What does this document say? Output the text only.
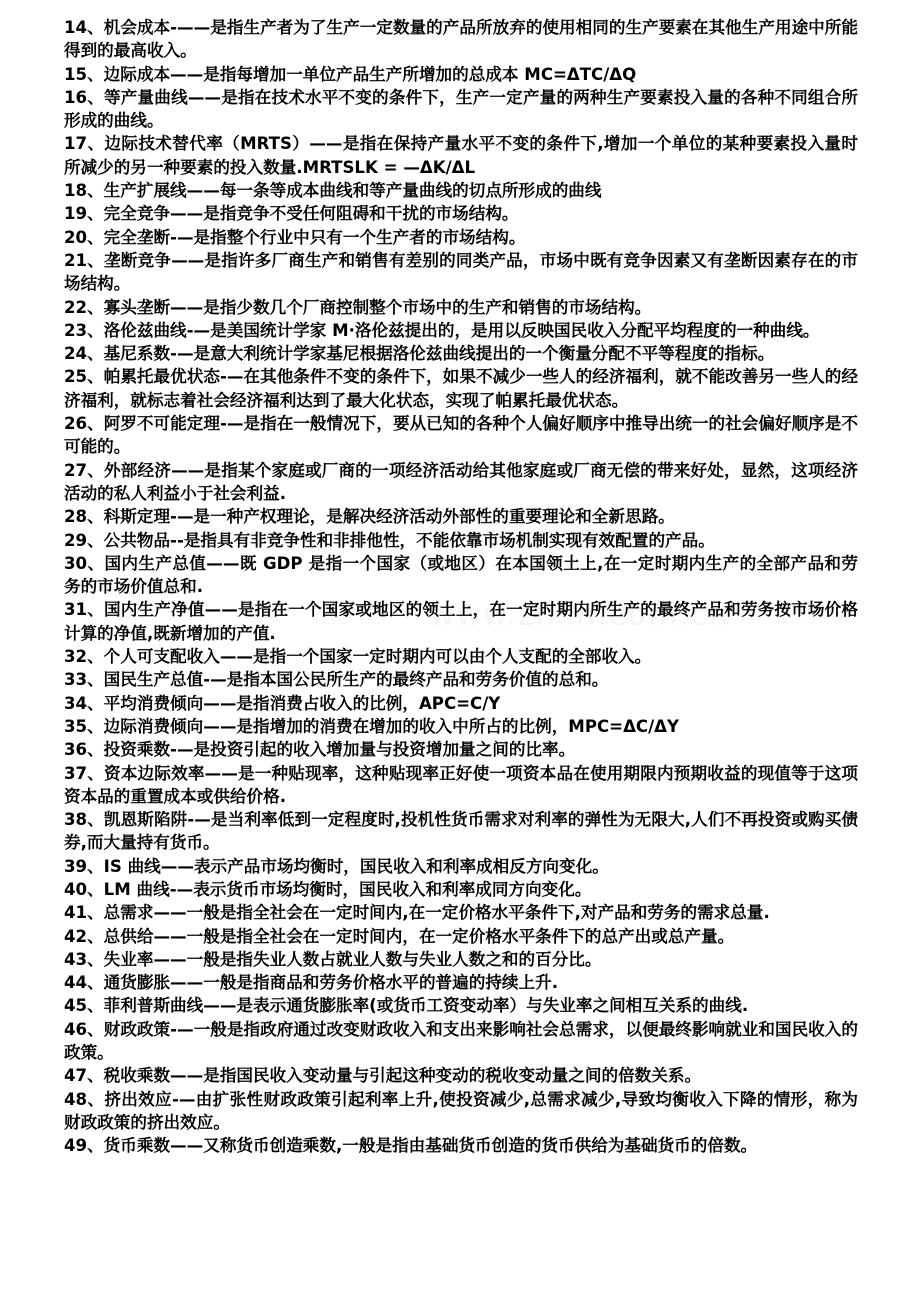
14、机会成本-——是指生产者为了生产一定数量的产品所放弃的使用相同的生产要素在其他生产用途中所能得到的最高收入。

15、边际成本——是指每增加一单位产品生产所增加的总成本 MC=ΔTC/ΔQ

16、等产量曲线——是指在技术水平不变的条件下，生产一定产量的两种生产要素投入量的各种不同组合所形成的曲线。

17、边际技术替代率（MRTS）——是指在保持产量水平不变的条件下,增加一个单位的某种要素投入量时所减少的另一种要素的投入数量.MRTSLK = —ΔK/ΔL

18、生产扩展线——每一条等成本曲线和等产量曲线的切点所形成的曲线

19、完全竞争——是指竞争不受任何阻碍和干扰的市场结构。

20、完全垄断-—是指整个行业中只有一个生产者的市场结构。

21、垄断竞争——是指许多厂商生产和销售有差别的同类产品，市场中既有竞争因素又有垄断因素存在的市场结构。

22、寡头垄断——是指少数几个厂商控制整个市场中的生产和销售的市场结构。

23、洛伦兹曲线-—是美国统计学家 M·洛伦兹提出的，是用以反映国民收入分配平均程度的一种曲线。

24、基尼系数-—是意大利统计学家基尼根据洛伦兹曲线提出的一个衡量分配不平等程度的指标。

25、帕累托最优状态-—在其他条件不变的条件下，如果不减少一些人的经济福利，就不能改善另一些人的经济福利，就标志着社会经济福利达到了最大化状态，实现了帕累托最优状态。

26、阿罗不可能定理-—是指在一般情况下，要从已知的各种个人偏好顺序中推导出统一的社会偏好顺序是不可能的。

27、外部经济——是指某个家庭或厂商的一项经济活动给其他家庭或厂商无偿的带来好处，显然，这项经济活动的私人利益小于社会利益.

28、科斯定理-—是一种产权理论，是解决经济活动外部性的重要理论和全新思路。

29、公共物品--是指具有非竞争性和非排他性，不能依靠市场机制实现有效配置的产品。

30、国内生产总值——既 GDP 是指一个国家（或地区）在本国领土上,在一定时期内生产的全部产品和劳务的市场价值总和.

31、国内生产净值——是指在一个国家或地区的领土上，在一定时期内所生产的最终产品和劳务按市场价格计算的净值,既新增加的产值.

32、个人可支配收入——是指一个国家一定时期内可以由个人支配的全部收入。

33、国民生产总值-—是指本国公民所生产的最终产品和劳务价值的总和。

34、平均消费倾向——是指消费占收入的比例，APC=C/Y

35、边际消费倾向——是指增加的消费在增加的收入中所占的比例，MPC=ΔC/ΔY

36、投资乘数-—是投资引起的收入增加量与投资增加量之间的比率。

37、资本边际效率——是一种贴现率，这种贴现率正好使一项资本品在使用期限内预期收益的现值等于这项资本品的重置成本或供给价格.

38、凯恩斯陷阱-—是当利率低到一定程度时,投机性货币需求对利率的弹性为无限大,人们不再投资或购买债券,而大量持有货币。

39、IS 曲线——表示产品市场均衡时，国民收入和利率成相反方向变化。

40、LM 曲线-—表示货币市场均衡时，国民收入和利率成同方向变化。

41、总需求——一般是指全社会在一定时间内,在一定价格水平条件下,对产品和劳务的需求总量.

42、总供给——一般是指全社会在一定时间内，在一定价格水平条件下的总产出或总产量。

43、失业率——一般是指失业人数占就业人数与失业人数之和的百分比。

44、通货膨胀——一般是指商品和劳务价格水平的普遍的持续上升.

45、菲利普斯曲线——是表示通货膨胀率(或货币工资变动率）与失业率之间相互关系的曲线.

46、财政政策-—一般是指政府通过改变财政收入和支出来影响社会总需求，以便最终影响就业和国民收入的政策。

47、税收乘数——是指国民收入变动量与引起这种变动的税收变动量之间的倍数关系。

48、挤出效应-—由扩张性财政政策引起利率上升,使投资减少,总需求减少,导致均衡收入下降的情形，称为财政政策的挤出效应。

49、货币乘数——又称货币创造乘数,一般是指由基础货币创造的货币供给为基础货币的倍数。
